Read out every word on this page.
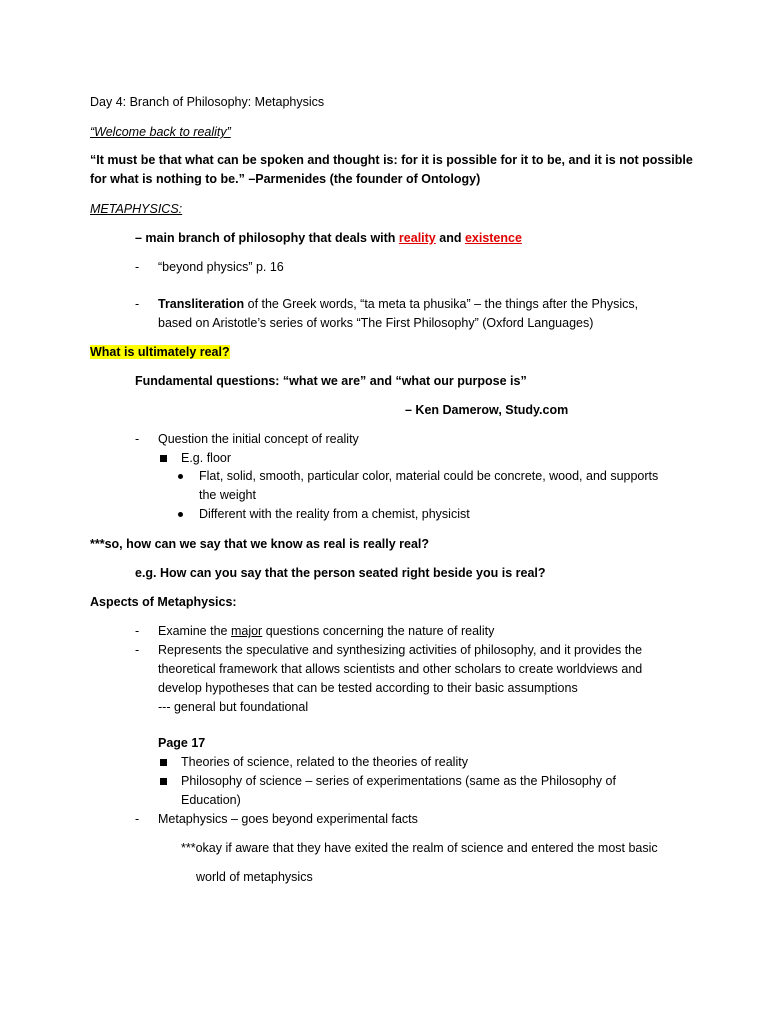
Day 4: Branch of Philosophy: Metaphysics
“Welcome back to reality”
“It must be that what can be spoken and thought is: for it is possible for it to be, and it is not possible
for what is nothing to be.” –Parmenides (the founder of Ontology)
METAPHYSICS:
– main branch of philosophy that deals with reality and existence
- “beyond physics” p. 16
- Transliteration of the Greek words, “ta meta ta phusika” – the things after the Physics,
based on Aristotle’s series of works “The First Philosophy” (Oxford Languages)
What is ultimately real?
Fundamental questions: “what we are” and “what our purpose is”
– Ken Damerow, Study.com
- Question the initial concept of reality
E.g. floor
Flat, solid, smooth, particular color, material could be concrete, wood, and supports
the weight
Different with the reality from a chemist, physicist
***so, how can we say that we know as real is really real?
e.g. How can you say that the person seated right beside you is real?
Aspects of Metaphysics:
- Examine the major questions concerning the nature of reality
- Represents the speculative and synthesizing activities of philosophy, and it provides the
theoretical framework that allows scientists and other scholars to create worldviews and
develop hypotheses that can be tested according to their basic assumptions
--- general but foundational
Page 17
Theories of science, related to the theories of reality
Philosophy of science – series of experimentations (same as the Philosophy of
Education)
- Metaphysics – goes beyond experimental facts
***okay if aware that they have exited the realm of science and entered the most basic
world of metaphysics
